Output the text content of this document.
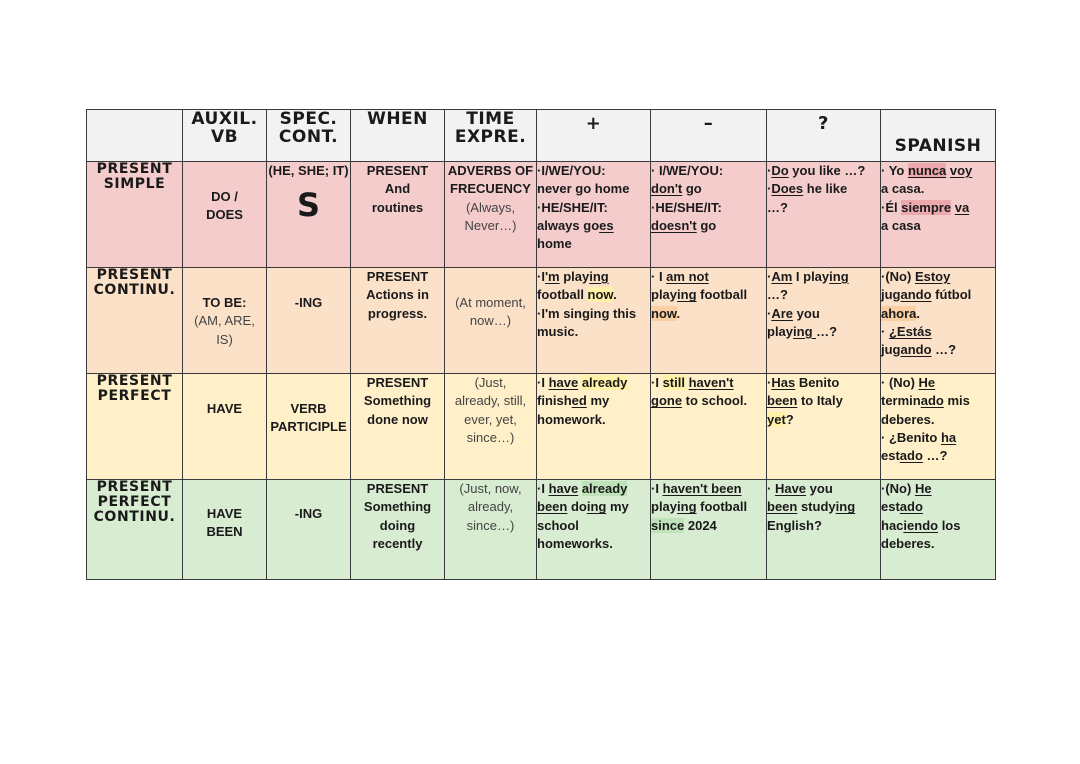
	AUXIL.
VB	SPEC.
CONT.	WHEN	TIME
EXPRE.	+	–	?	SPANISH

PRESENT
SIMPLE	DO /
DOES	(HE, SHE; IT)
S	PRESENT
And
routines	ADVERBS OF
FRECUENCY
(Always,
Never…)	·I/WE/YOU:
never go home
·HE/SHE/IT:
always goes
home	· I/WE/YOU:
don't go
·HE/SHE/IT:
doesn't go	·Do you like …?
·Does he like
…?	· Yo nunca voy
a casa.
·Él siempre va
a casa

PRESENT
CONTINU.	TO BE:
(AM, ARE,
IS)	-ING	PRESENT
Actions in
progress.	(At moment,
now…)	·I'm playing
football now.
·I'm singing this
music.	· I am not
playing football
now.	·Am I playing
…?
·Are you
playing …?	·(No) Estoy
jugando fútbol
ahora.
· ¿Estás
jugando …?

PRESENT
PERFECT	HAVE	VERB
PARTICIPLE	PRESENT
Something
done now	(Just,
already, still,
ever, yet,
since…)	·I have already
finished my
homework.	·I still haven't
gone to school.	·Has Benito
been to Italy
yet?	· (No) He
terminado mis
deberes.
· ¿Benito ha
estado …?

PRESENT
PERFECT
CONTINU.	HAVE
BEEN	-ING	PRESENT
Something
doing
recently	(Just, now,
already,
since…)	·I have already
been doing my
school
homeworks.	·I haven't been
playing football
since 2024	· Have you
been studying
English?	·(No) He
estado
haciendo los
deberes.
